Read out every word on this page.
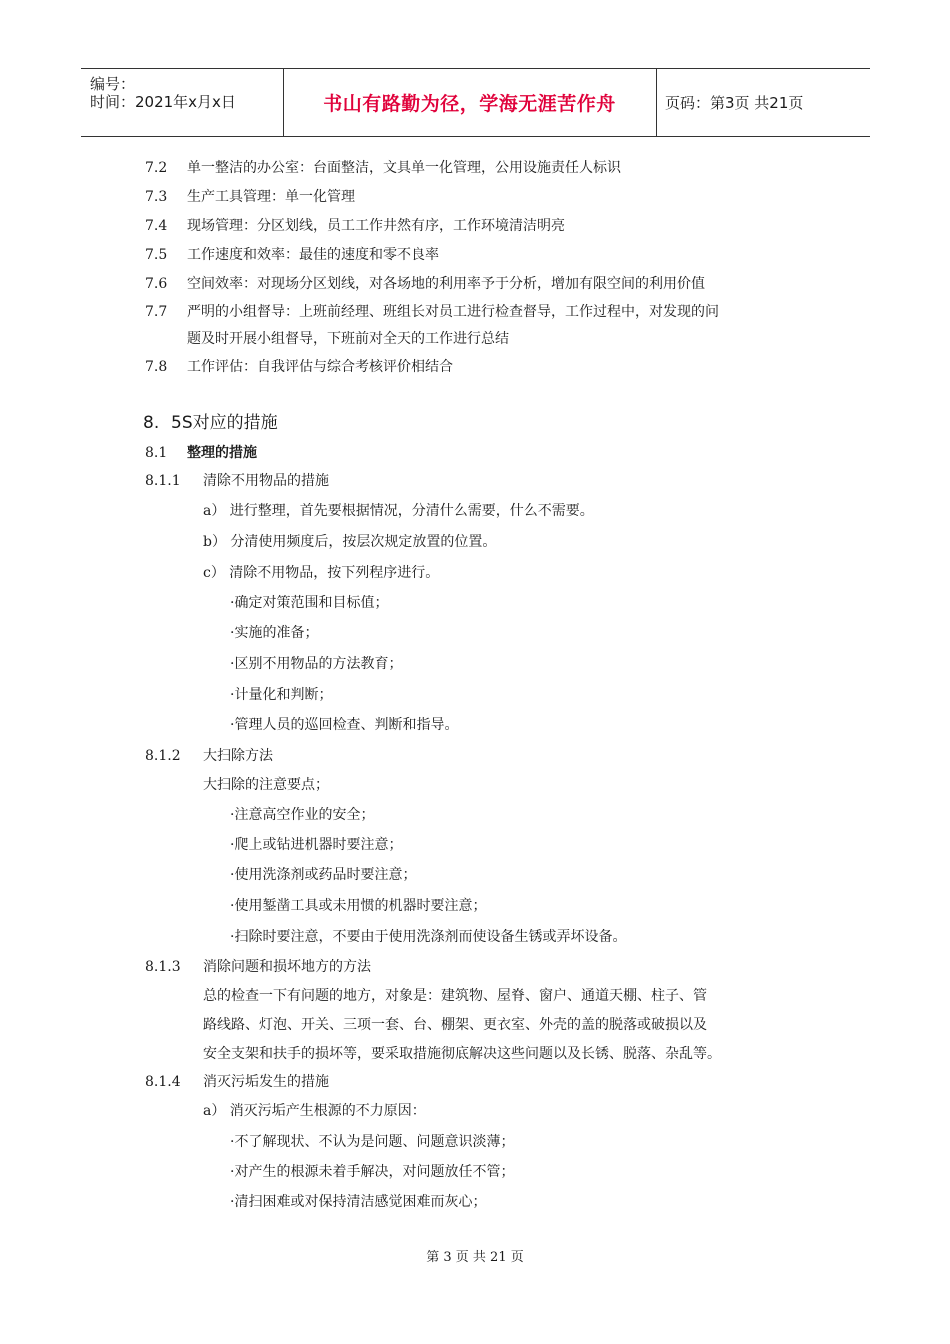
编号：
时间：2021年x月x日	书山有路勤为径，学海无涯苦作舟	页码：第3页 共21页
7.2 单一整洁的办公室：台面整洁，文具单一化管理，公用设施责任人标识
7.3 生产工具管理：单一化管理
7.4 现场管理：分区划线，员工工作井然有序，工作环境清洁明亮
7.5 工作速度和效率：最佳的速度和零不良率
7.6 空间效率：对现场分区划线，对各场地的利用率予于分析，增加有限空间的利用价值
7.7 严明的小组督导：上班前经理、班组长对员工进行检查督导，工作过程中，对发现的问
题及时开展小组督导，下班前对全天的工作进行总结
7.8 工作评估：自我评估与综合考核评价相结合
8. 5S对应的措施
8.1 整理的措施
8.1.1 清除不用物品的措施
a） 进行整理，首先要根据情况，分清什么需要，什么不需要。
b） 分清使用频度后，按层次规定放置的位置。
c） 清除不用物品，按下列程序进行。
·确定对策范围和目标值；
·实施的准备；
·区别不用物品的方法教育；
·计量化和判断；
·管理人员的巡回检查、判断和指导。
8.1.2 大扫除方法
大扫除的注意要点；
·注意高空作业的安全；
·爬上或钻进机器时要注意；
·使用洗涤剂或药品时要注意；
·使用錾凿工具或未用惯的机器时要注意；
·扫除时要注意，不要由于使用洗涤剂而使设备生锈或弄坏设备。
8.1.3 消除问题和损坏地方的方法
总的检查一下有问题的地方，对象是：建筑物、屋脊、窗户、通道天棚、柱子、管
路线路、灯泡、开关、三项一套、台、棚架、更衣室、外壳的盖的脱落或破损以及
安全支架和扶手的损坏等，要采取措施彻底解决这些问题以及长锈、脱落、杂乱等。
8.1.4 消灭污垢发生的措施
a） 消灭污垢产生根源的不力原因：
·不了解现状、不认为是问题、问题意识淡薄；
·对产生的根源未着手解决，对问题放任不管；
·清扫困难或对保持清洁感觉困难而灰心；
第 3 页 共 21 页
